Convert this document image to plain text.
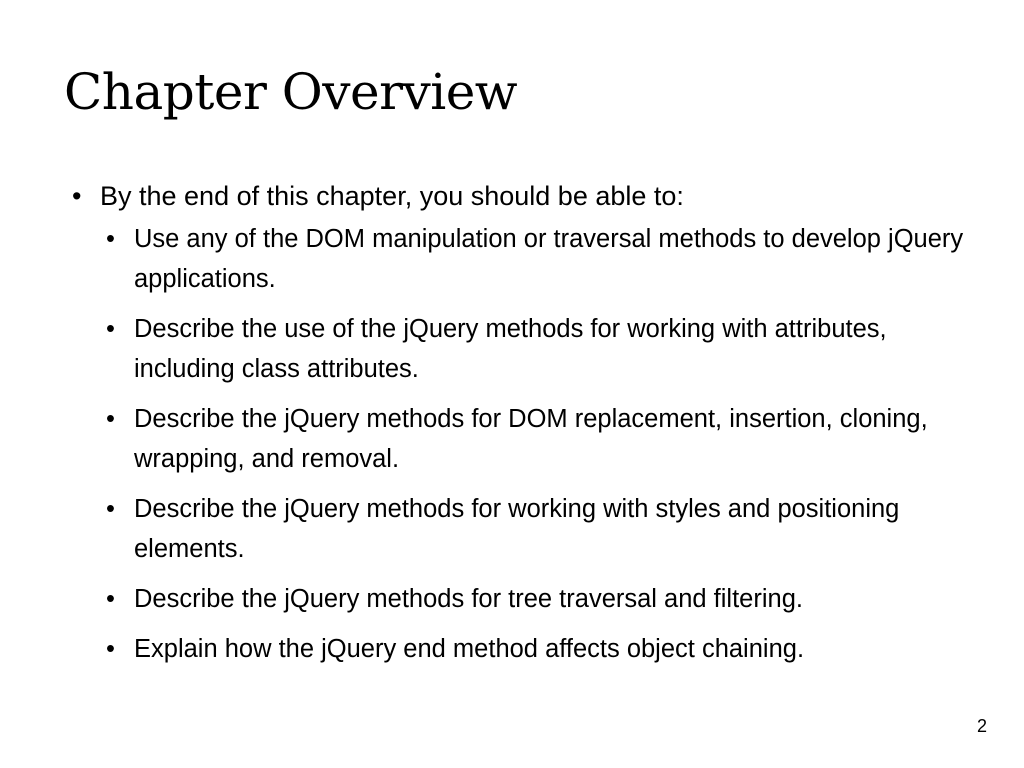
Chapter Overview
• By the end of this chapter, you should be able to:
• Use any of the DOM manipulation or traversal methods to develop jQuery applications.
• Describe the use of the jQuery methods for working with attributes, including class attributes.
• Describe the jQuery methods for DOM replacement, insertion, cloning, wrapping, and removal.
• Describe the jQuery methods for working with styles and positioning elements.
• Describe the jQuery methods for tree traversal and filtering.
• Explain how the jQuery end method affects object chaining.
2
